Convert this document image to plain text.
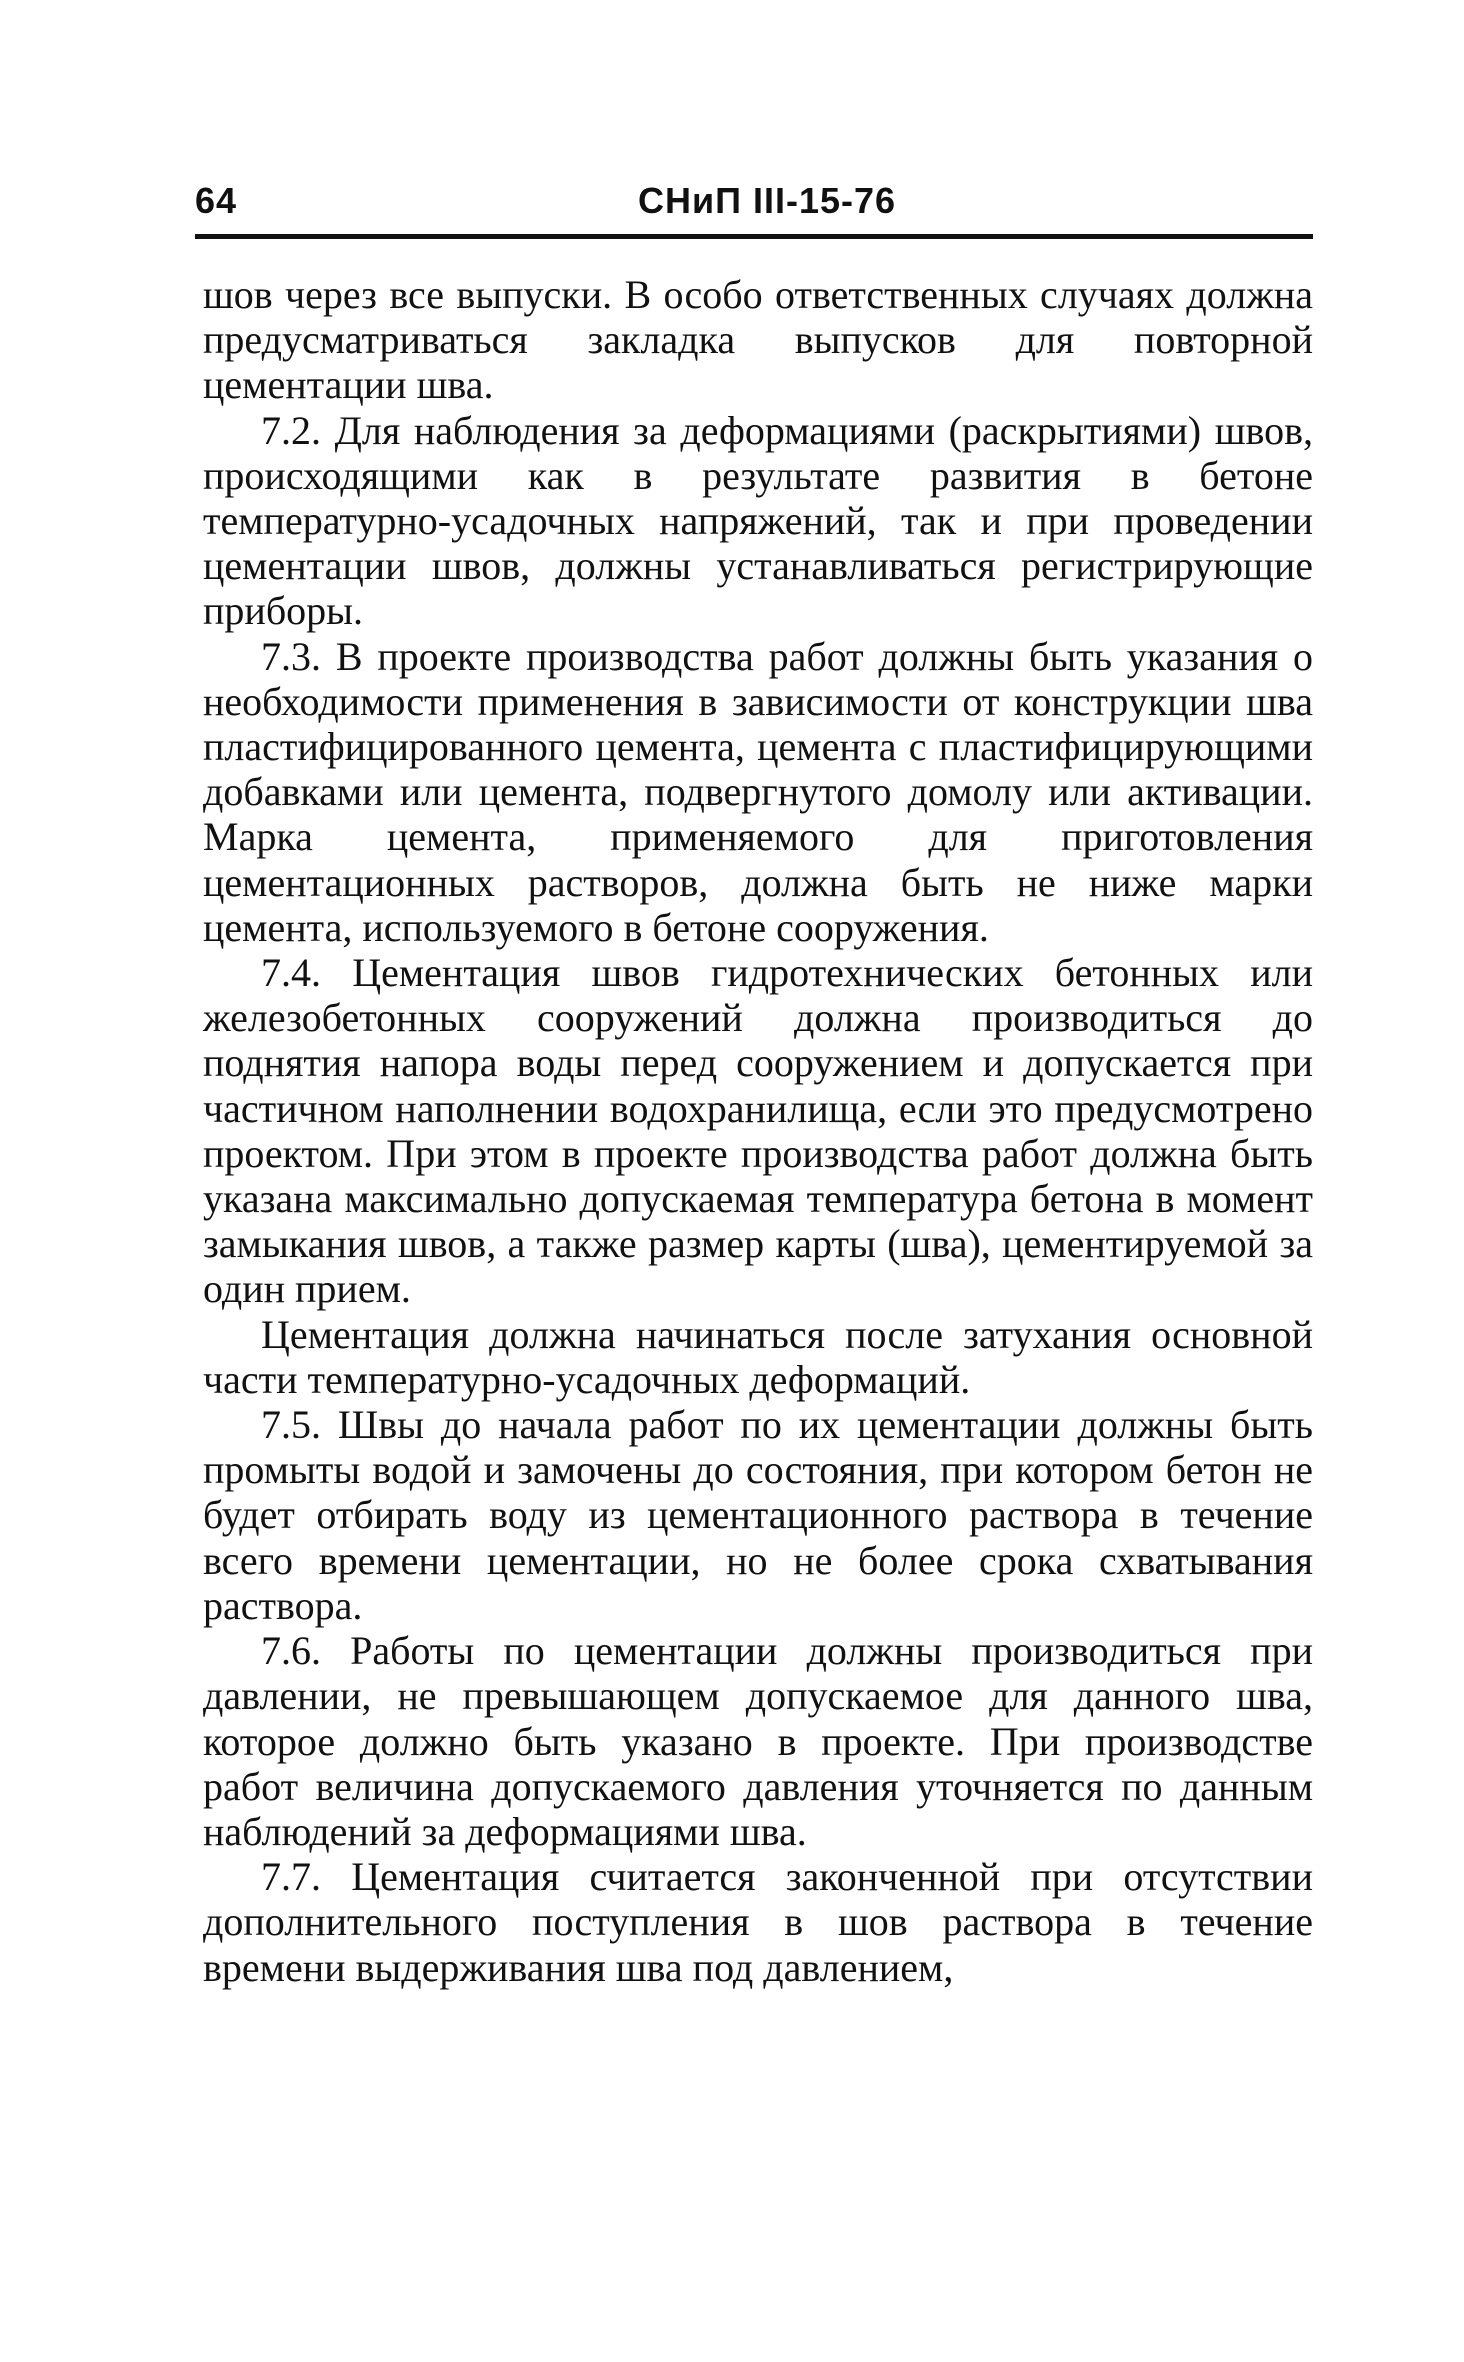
64	СНиП III-15-76

шов через все выпуски. В особо ответственных случаях должна предусматриваться закладка выпусков для повторной цементации шва.

7.2. Для наблюдения за деформациями (раскрытиями) швов, происходящими как в результате развития в бетоне температурно-усадочных напряжений, так и при проведении цементации швов, должны устанавливаться регистрирующие приборы.

7.3. В проекте производства работ должны быть указания о необходимости применения в зависимости от конструкции шва пластифицированного цемента, цемента с пластифицирующими добавками или цемента, подвергнутого домолу или активации. Марка цемента, применяемого для приготовления цементационных растворов, должна быть не ниже марки цемента, используемого в бетоне сооружения.

7.4. Цементация швов гидротехнических бетонных или железобетонных сооружений должна производиться до поднятия напора воды перед сооружением и допускается при частичном наполнении водохранилища, если это предусмотрено проектом. При этом в проекте производства работ должна быть указана максимально допускаемая температура бетона в момент замыкания швов, а также размер карты (шва), цементируемой за один прием.

Цементация должна начинаться после затухания основной части температурно-усадочных деформаций.

7.5. Швы до начала работ по их цементации должны быть промыты водой и замочены до состояния, при котором бетон не будет отбирать воду из цементационного раствора в течение всего времени цементации, но не более срока схватывания раствора.

7.6. Работы по цементации должны производиться при давлении, не превышающем допускаемое для данного шва, которое должно быть указано в проекте. При производстве работ величина допускаемого давления уточняется по данным наблюдений за деформациями шва.

7.7. Цементация считается законченной при отсутствии дополнительного поступления в шов раствора в течение времени выдерживания шва под давлением,
